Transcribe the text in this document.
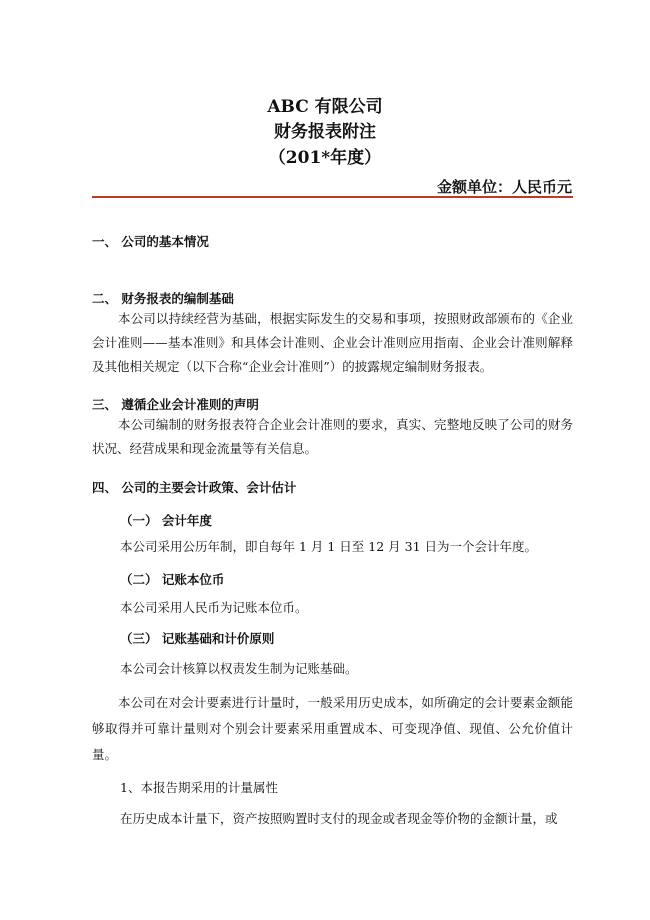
ABC 有限公司
财务报表附注
（201*年度）
金额单位：人民币元
一、 公司的基本情况
二、 财务报表的编制基础
本公司以持续经营为基础，根据实际发生的交易和事项，按照财政部颁布的《企业会计准则——基本准则》和具体会计准则、企业会计准则应用指南、企业会计准则解释及其他相关规定（以下合称“企业会计准则”）的披露规定编制财务报表。
三、 遵循企业会计准则的声明
本公司编制的财务报表符合企业会计准则的要求，真实、完整地反映了公司的财务状况、经营成果和现金流量等有关信息。
四、 公司的主要会计政策、会计估计
（一） 会计年度
本公司采用公历年制，即自每年 1 月 1 日至 12 月 31 日为一个会计年度。
（二） 记账本位币
本公司采用人民币为记账本位币。
（三） 记账基础和计价原则
本公司会计核算以权责发生制为记账基础。
本公司在对会计要素进行计量时，一般采用历史成本，如所确定的会计要素金额能够取得并可靠计量则对个别会计要素采用重置成本、可变现净值、现值、公允价值计量。
1、本报告期采用的计量属性
在历史成本计量下，资产按照购置时支付的现金或者现金等价物的金额计量，或
